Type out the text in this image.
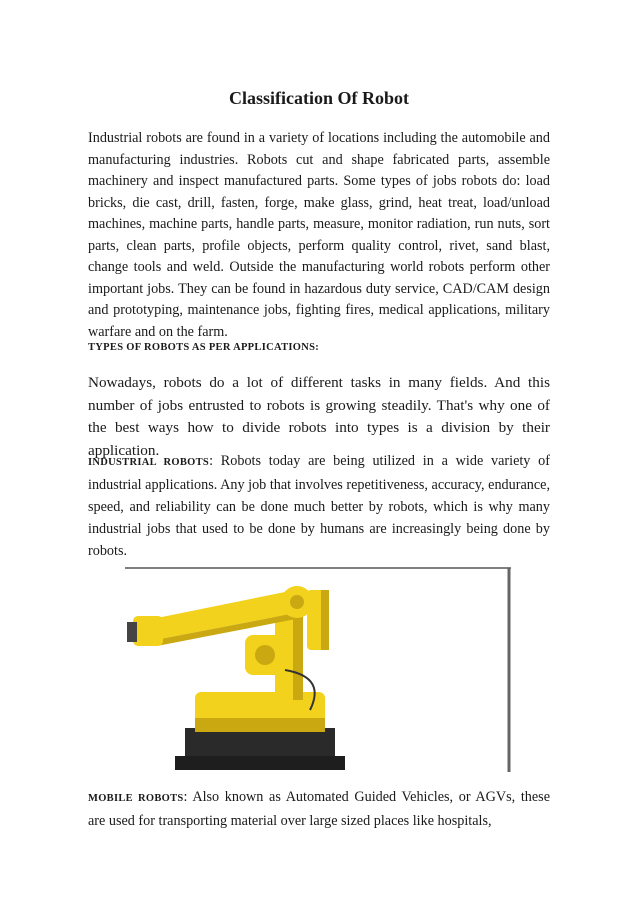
Classification Of Robot

Industrial robots are found in a variety of locations including the automobile and manufacturing industries. Robots cut and shape fabricated parts, assemble machinery and inspect manufactured parts. Some types of jobs robots do: load bricks, die cast, drill, fasten, forge, make glass, grind, heat treat, load/unload machines, machine parts, handle parts, measure, monitor radiation, run nuts, sort parts, clean parts, profile objects, perform quality control, rivet, sand blast, change tools and weld. Outside the manufacturing world robots perform other important jobs. They can be found in hazardous duty service, CAD/CAM design and prototyping, maintenance jobs, fighting fires, medical applications, military warfare and on the farm.

TYPES OF ROBOTS AS PER APPLICATIONS:

Nowadays, robots do a lot of different tasks in many fields. And this number of jobs entrusted to robots is growing steadily. That's why one of the best ways how to divide robots into types is a division by their application.

INDUSTRIAL ROBOTS: Robots today are being utilized in a wide variety of industrial applications. Any job that involves repetitiveness, accuracy, endurance, speed, and reliability can be done much better by robots, which is why many industrial jobs that used to be done by humans are increasingly being done by robots.

MOBILE ROBOTS: Also known as Automated Guided Vehicles, or AGVs, these are used for transporting material over large sized places like hospitals,
